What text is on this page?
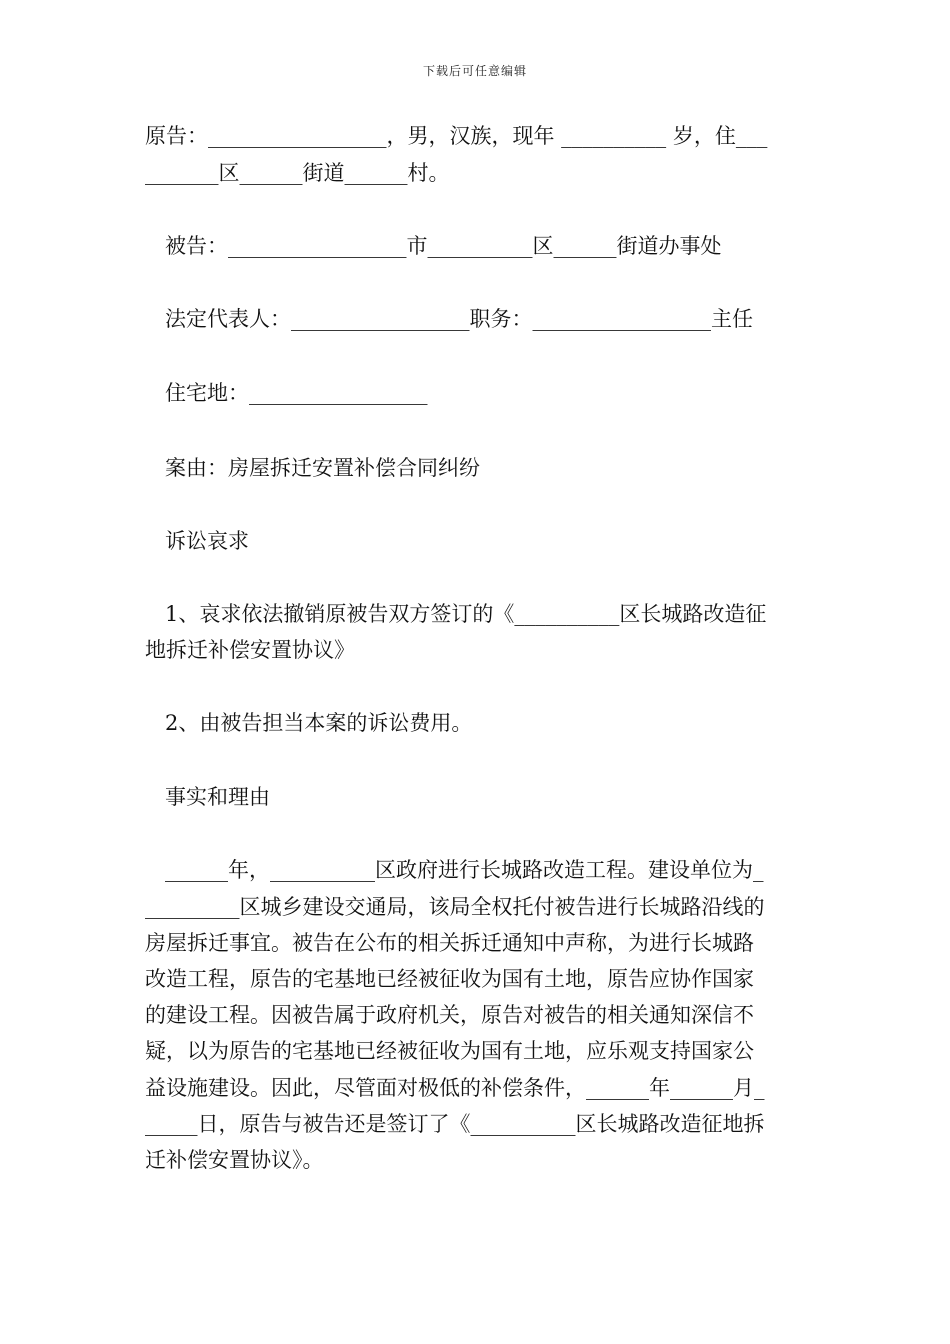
下载后可任意编辑
原告：_________________，男，汉族，现年 __________ 岁，住___
_______区______街道______村。
被告：_________________市__________区______街道办事处
法定代表人：_________________职务：_________________主任
住宅地：_________________
案由：房屋拆迁安置补偿合同纠纷
诉讼哀求
1、哀求依法撤销原被告双方签订的《__________区长城路改造征
地拆迁补偿安置协议》
2、由被告担当本案的诉讼费用。
事实和理由
______年，__________区政府进行长城路改造工程。建设单位为_
_________区城乡建设交通局，该局全权托付被告进行长城路沿线的
房屋拆迁事宜。被告在公布的相关拆迁通知中声称，为进行长城路
改造工程，原告的宅基地已经被征收为国有土地，原告应协作国家
的建设工程。因被告属于政府机关，原告对被告的相关通知深信不
疑，以为原告的宅基地已经被征收为国有土地，应乐观支持国家公
益设施建设。因此，尽管面对极低的补偿条件，______年______月_
_____日，原告与被告还是签订了《__________区长城路改造征地拆
迁补偿安置协议》。
